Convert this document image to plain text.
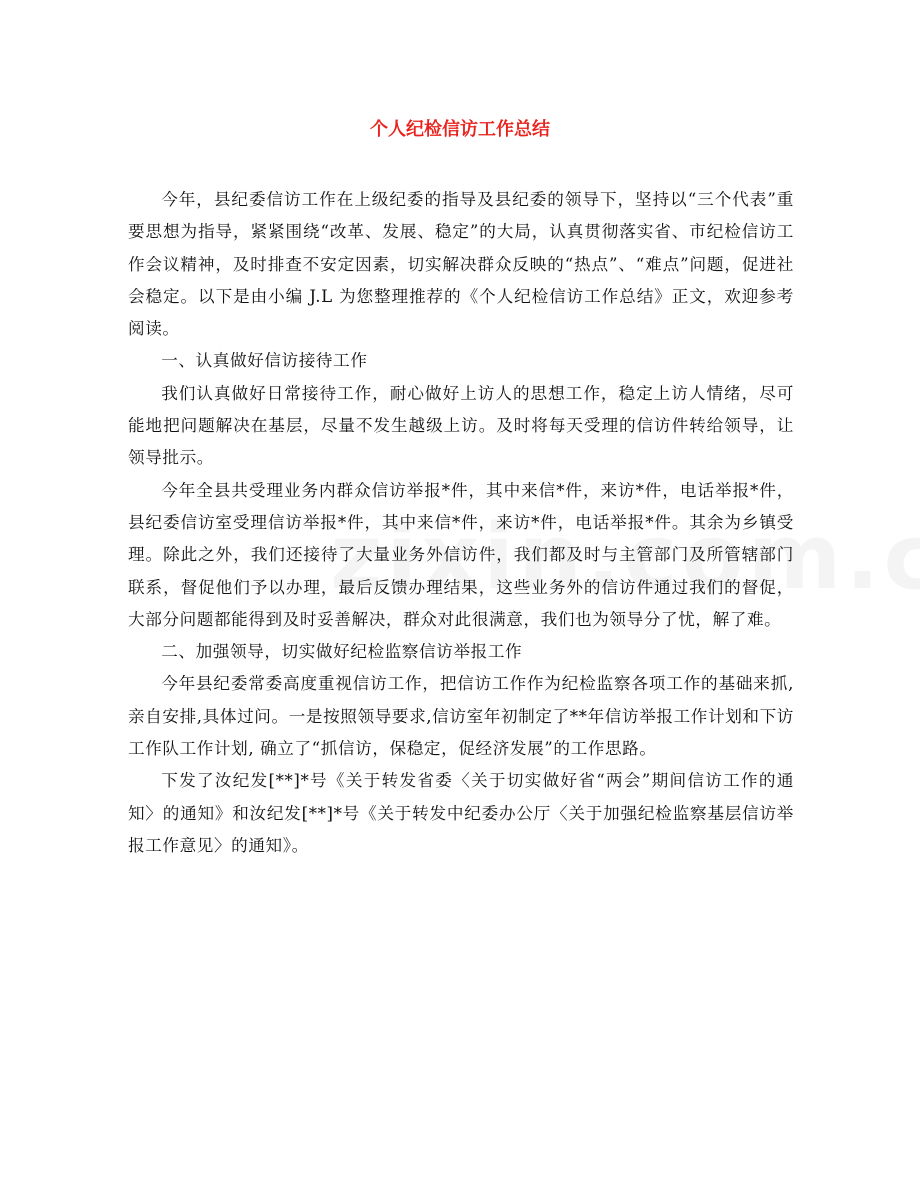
个人纪检信访工作总结

今年，县纪委信访工作在上级纪委的指导及县纪委的领导下，坚持以“三个代表”重要思想为指导，紧紧围绕“改革、发展、稳定”的大局，认真贯彻落实省、市纪检信访工作会议精神，及时排查不安定因素，切实解决群众反映的“热点”、“难点”问题，促进社会稳定。以下是由小编 J.L 为您整理推荐的《个人纪检信访工作总结》正文，欢迎参考阅读。

一、认真做好信访接待工作

我们认真做好日常接待工作，耐心做好上访人的思想工作，稳定上访人情绪，尽可能地把问题解决在基层，尽量不发生越级上访。及时将每天受理的信访件转给领导，让领导批示。

今年全县共受理业务内群众信访举报*件，其中来信*件，来访*件，电话举报*件，县纪委信访室受理信访举报*件，其中来信*件，来访*件，电话举报*件。其余为乡镇受理。除此之外，我们还接待了大量业务外信访件，我们都及时与主管部门及所管辖部门联系，督促他们予以办理，最后反馈办理结果，这些业务外的信访件通过我们的督促，大部分问题都能得到及时妥善解决，群众对此很满意，我们也为领导分了忧，解了难。

二、加强领导，切实做好纪检监察信访举报工作

今年县纪委常委高度重视信访工作，把信访工作作为纪检监察各项工作的基础来抓,亲自安排,具体过问。一是按照领导要求,信访室年初制定了**年信访举报工作计划和下访工作队工作计划, 确立了“抓信访，保稳定，促经济发展”的工作思路。

下发了汝纪发[**]*号《关于转发省委〈关于切实做好省“两会”期间信访工作的通知〉的通知》和汝纪发[**]*号《关于转发中纪委办公厅〈关于加强纪检监察基层信访举报工作意见〉的通知》。
